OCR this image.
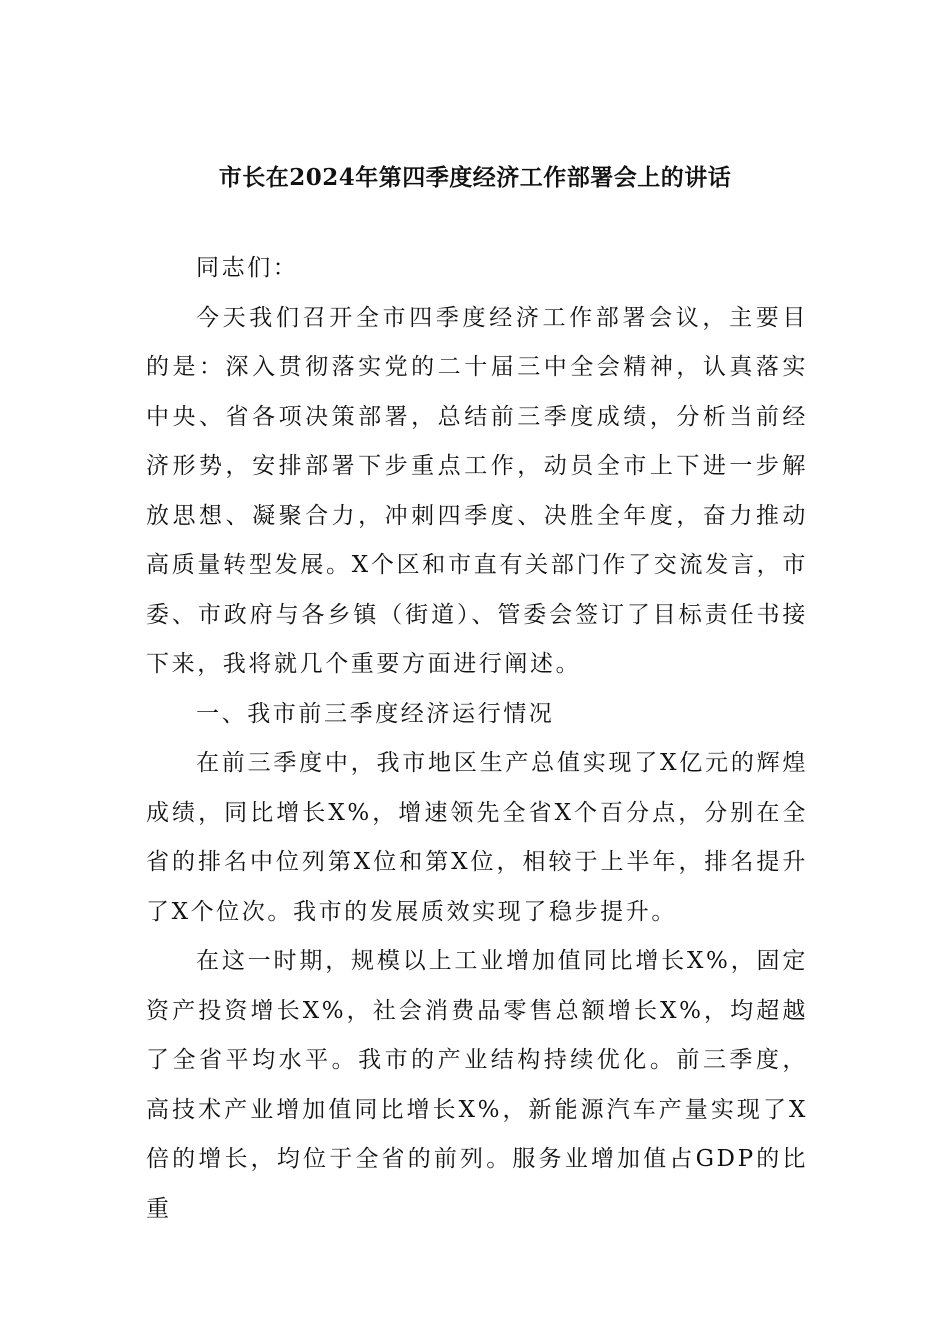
市长在2024年第四季度经济工作部署会上的讲话

同志们：

今天我们召开全市四季度经济工作部署会议，主要目的是：深入贯彻落实党的二十届三中全会精神，认真落实中央、省各项决策部署，总结前三季度成绩，分析当前经济形势，安排部署下步重点工作，动员全市上下进一步解放思想、凝聚合力，冲刺四季度、决胜全年度，奋力推动高质量转型发展。X个区和市直有关部门作了交流发言，市委、市政府与各乡镇（街道）、管委会签订了目标责任书接下来，我将就几个重要方面进行阐述。

一、我市前三季度经济运行情况

在前三季度中，我市地区生产总值实现了X亿元的辉煌成绩，同比增长X%，增速领先全省X个百分点，分别在全省的排名中位列第X位和第X位，相较于上半年，排名提升了X个位次。我市的发展质效实现了稳步提升。

在这一时期，规模以上工业增加值同比增长X%，固定资产投资增长X%，社会消费品零售总额增长X%，均超越了全省平均水平。我市的产业结构持续优化。前三季度，高技术产业增加值同比增长X%，新能源汽车产量实现了X倍的增长，均位于全省的前列。服务业增加值占GDP的比重
